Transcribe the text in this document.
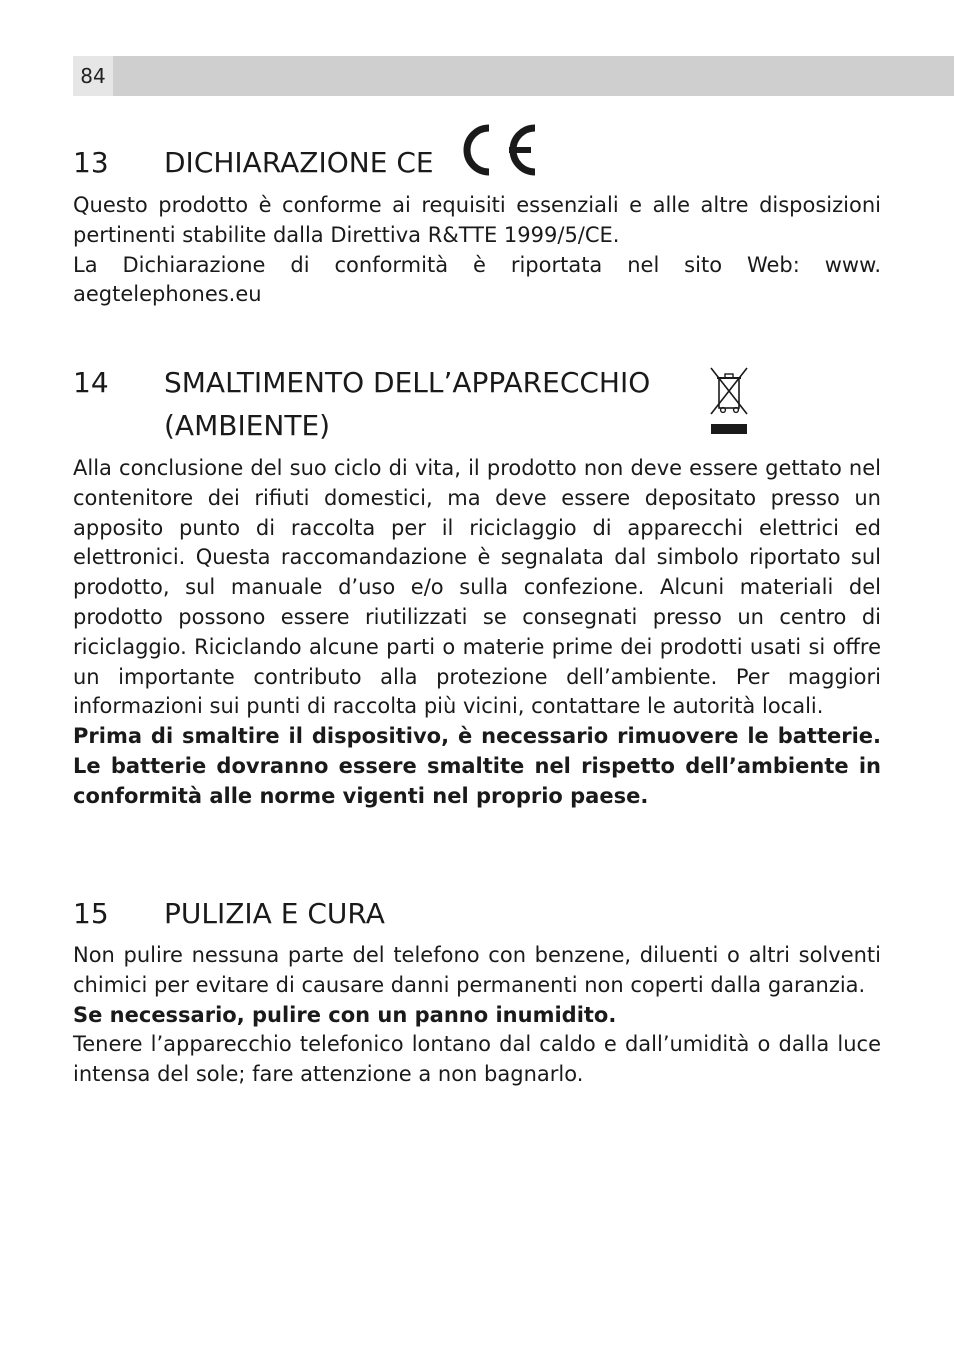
84
13 DICHIARAZIONE CE

Questo prodotto è conforme ai requisiti essenziali e alle altre disposizioni pertinenti stabilite dalla Direttiva R&TTE 1999/5/CE.

La Dichiarazione di conformità è riportata nel sito Web: www. aegtelephones.eu

14 SMALTIMENTO DELL’APPARECCHIO
(AMBIENTE)

Alla conclusione del suo ciclo di vita, il prodotto non deve essere gettato nel contenitore dei rifiuti domestici, ma deve essere depositato presso un apposito punto di raccolta per il riciclaggio di apparecchi elettrici ed elettronici. Questa raccomandazione è segnalata dal simbolo riportato sul prodotto, sul manuale d’uso e/o sulla confezione. Alcuni materiali del prodotto possono essere riutilizzati se consegnati presso un centro di riciclaggio. Riciclando alcune parti o materie prime dei prodotti usati si offre un importante contributo alla protezione dell’ambiente. Per maggiori informazioni sui punti di raccolta più vicini, contattare le autorità locali.

Prima di smaltire il dispositivo, è necessario rimuovere le batterie. Le batterie dovranno essere smaltite nel rispetto dell’ambiente in conformità alle norme vigenti nel proprio paese.

15 PULIZIA E CURA

Non pulire nessuna parte del telefono con benzene, diluenti o altri solventi chimici per evitare di causare danni permanenti non coperti dalla garanzia.

Se necessario, pulire con un panno inumidito.

Tenere l’apparecchio telefonico lontano dal caldo e dall’umidità o dalla luce intensa del sole; fare attenzione a non bagnarlo.
